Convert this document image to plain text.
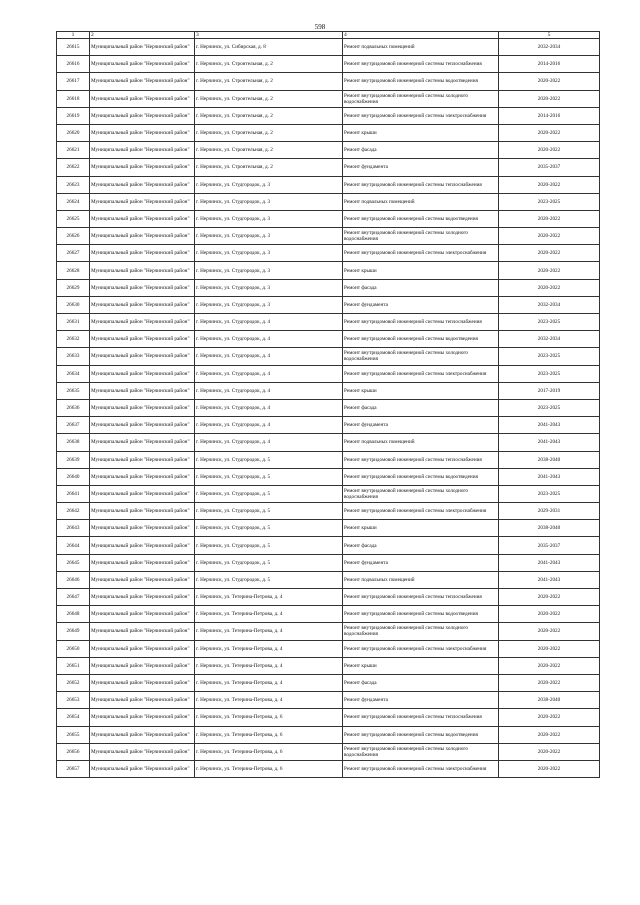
598
1	2	3	4	5
26615	Муниципальный район "Нерчинский район"	г. Нерчинск, ул. Сибирская, д. 8	Ремонт подвальных помещений	2032-2034
26616	Муниципальный район "Нерчинский район"	г. Нерчинск, ул. Строительная, д. 2	Ремонт внутридомовой инженерной системы теплоснабжения	2014-2016
26617	Муниципальный район "Нерчинский район"	г. Нерчинск, ул. Строительная, д. 2	Ремонт внутридомовой инженерной системы водоотведения	2020-2022
26618	Муниципальный район "Нерчинский район"	г. Нерчинск, ул. Строительная, д. 2	Ремонт внутридомовой инженерной системы холодного водоснабжения	2020-2022
26619	Муниципальный район "Нерчинский район"	г. Нерчинск, ул. Строительная, д. 2	Ремонт внутридомовой инженерной системы электроснабжения	2014-2016
26620	Муниципальный район "Нерчинский район"	г. Нерчинск, ул. Строительная, д. 2	Ремонт крыши	2020-2022
26621	Муниципальный район "Нерчинский район"	г. Нерчинск, ул. Строительная, д. 2	Ремонт фасада	2020-2022
26622	Муниципальный район "Нерчинский район"	г. Нерчинск, ул. Строительная, д. 2	Ремонт фундамента	2035-2037
26623	Муниципальный район "Нерчинский район"	г. Нерчинск, ул. Студгородок, д. 3	Ремонт внутридомовой инженерной системы теплоснабжения	2020-2022
26624	Муниципальный район "Нерчинский район"	г. Нерчинск, ул. Студгородок, д. 3	Ремонт подвальных помещений	2023-2025
26625	Муниципальный район "Нерчинский район"	г. Нерчинск, ул. Студгородок, д. 3	Ремонт внутридомовой инженерной системы водоотведения	2020-2022
26626	Муниципальный район "Нерчинский район"	г. Нерчинск, ул. Студгородок, д. 3	Ремонт внутридомовой инженерной системы холодного водоснабжения	2020-2022
26627	Муниципальный район "Нерчинский район"	г. Нерчинск, ул. Студгородок, д. 3	Ремонт внутридомовой инженерной системы электроснабжения	2020-2022
26628	Муниципальный район "Нерчинский район"	г. Нерчинск, ул. Студгородок, д. 3	Ремонт крыши	2020-2022
26629	Муниципальный район "Нерчинский район"	г. Нерчинск, ул. Студгородок, д. 3	Ремонт фасада	2020-2022
26630	Муниципальный район "Нерчинский район"	г. Нерчинск, ул. Студгородок, д. 3	Ремонт фундамента	2032-2034
26631	Муниципальный район "Нерчинский район"	г. Нерчинск, ул. Студгородок, д. 4	Ремонт внутридомовой инженерной системы теплоснабжения	2023-2025
26632	Муниципальный район "Нерчинский район"	г. Нерчинск, ул. Студгородок, д. 4	Ремонт внутридомовой инженерной системы водоотведения	2032-2034
26633	Муниципальный район "Нерчинский район"	г. Нерчинск, ул. Студгородок, д. 4	Ремонт внутридомовой инженерной системы холодного водоснабжения	2023-2025
26634	Муниципальный район "Нерчинский район"	г. Нерчинск, ул. Студгородок, д. 4	Ремонт внутридомовой инженерной системы электроснабжения	2023-2025
26635	Муниципальный район "Нерчинский район"	г. Нерчинск, ул. Студгородок, д. 4	Ремонт крыши	2017-2019
26636	Муниципальный район "Нерчинский район"	г. Нерчинск, ул. Студгородок, д. 4	Ремонт фасада	2023-2025
26637	Муниципальный район "Нерчинский район"	г. Нерчинск, ул. Студгородок, д. 4	Ремонт фундамента	2041-2043
26638	Муниципальный район "Нерчинский район"	г. Нерчинск, ул. Студгородок, д. 4	Ремонт подвальных помещений	2041-2043
26639	Муниципальный район "Нерчинский район"	г. Нерчинск, ул. Студгородок, д. 5	Ремонт внутридомовой инженерной системы теплоснабжения	2038-2040
26640	Муниципальный район "Нерчинский район"	г. Нерчинск, ул. Студгородок, д. 5	Ремонт внутридомовой инженерной системы водоотведения	2041-2043
26641	Муниципальный район "Нерчинский район"	г. Нерчинск, ул. Студгородок, д. 5	Ремонт внутридомовой инженерной системы холодного водоснабжения	2023-2025
26642	Муниципальный район "Нерчинский район"	г. Нерчинск, ул. Студгородок, д. 5	Ремонт внутридомовой инженерной системы электроснабжения	2029-2031
26643	Муниципальный район "Нерчинский район"	г. Нерчинск, ул. Студгородок, д. 5	Ремонт крыши	2038-2040
26644	Муниципальный район "Нерчинский район"	г. Нерчинск, ул. Студгородок, д. 5	Ремонт фасада	2035-2037
26645	Муниципальный район "Нерчинский район"	г. Нерчинск, ул. Студгородок, д. 5	Ремонт фундамента	2041-2043
26646	Муниципальный район "Нерчинский район"	г. Нерчинск, ул. Студгородок, д. 5	Ремонт подвальных помещений	2041-2043
26647	Муниципальный район "Нерчинский район"	г. Нерчинск, ул. Тетерина-Петрова, д. 4	Ремонт внутридомовой инженерной системы теплоснабжения	2020-2022
26648	Муниципальный район "Нерчинский район"	г. Нерчинск, ул. Тетерина-Петрова, д. 4	Ремонт внутридомовой инженерной системы водоотведения	2020-2022
26649	Муниципальный район "Нерчинский район"	г. Нерчинск, ул. Тетерина-Петрова, д. 4	Ремонт внутридомовой инженерной системы холодного водоснабжения	2020-2022
26650	Муниципальный район "Нерчинский район"	г. Нерчинск, ул. Тетерина-Петрова, д. 4	Ремонт внутридомовой инженерной системы электроснабжения	2020-2022
26651	Муниципальный район "Нерчинский район"	г. Нерчинск, ул. Тетерина-Петрова, д. 4	Ремонт крыши	2020-2022
26652	Муниципальный район "Нерчинский район"	г. Нерчинск, ул. Тетерина-Петрова, д. 4	Ремонт фасада	2020-2022
26653	Муниципальный район "Нерчинский район"	г. Нерчинск, ул. Тетерина-Петрова, д. 4	Ремонт фундамента	2038-2040
26654	Муниципальный район "Нерчинский район"	г. Нерчинск, ул. Тетерина-Петрова, д. 6	Ремонт внутридомовой инженерной системы теплоснабжения	2020-2022
26655	Муниципальный район "Нерчинский район"	г. Нерчинск, ул. Тетерина-Петрова, д. 6	Ремонт внутридомовой инженерной системы водоотведения	2020-2022
26656	Муниципальный район "Нерчинский район"	г. Нерчинск, ул. Тетерина-Петрова, д. 6	Ремонт внутридомовой инженерной системы холодного водоснабжения	2020-2022
26657	Муниципальный район "Нерчинский район"	г. Нерчинск, ул. Тетерина-Петрова, д. 6	Ремонт внутридомовой инженерной системы электроснабжения	2020-2022
